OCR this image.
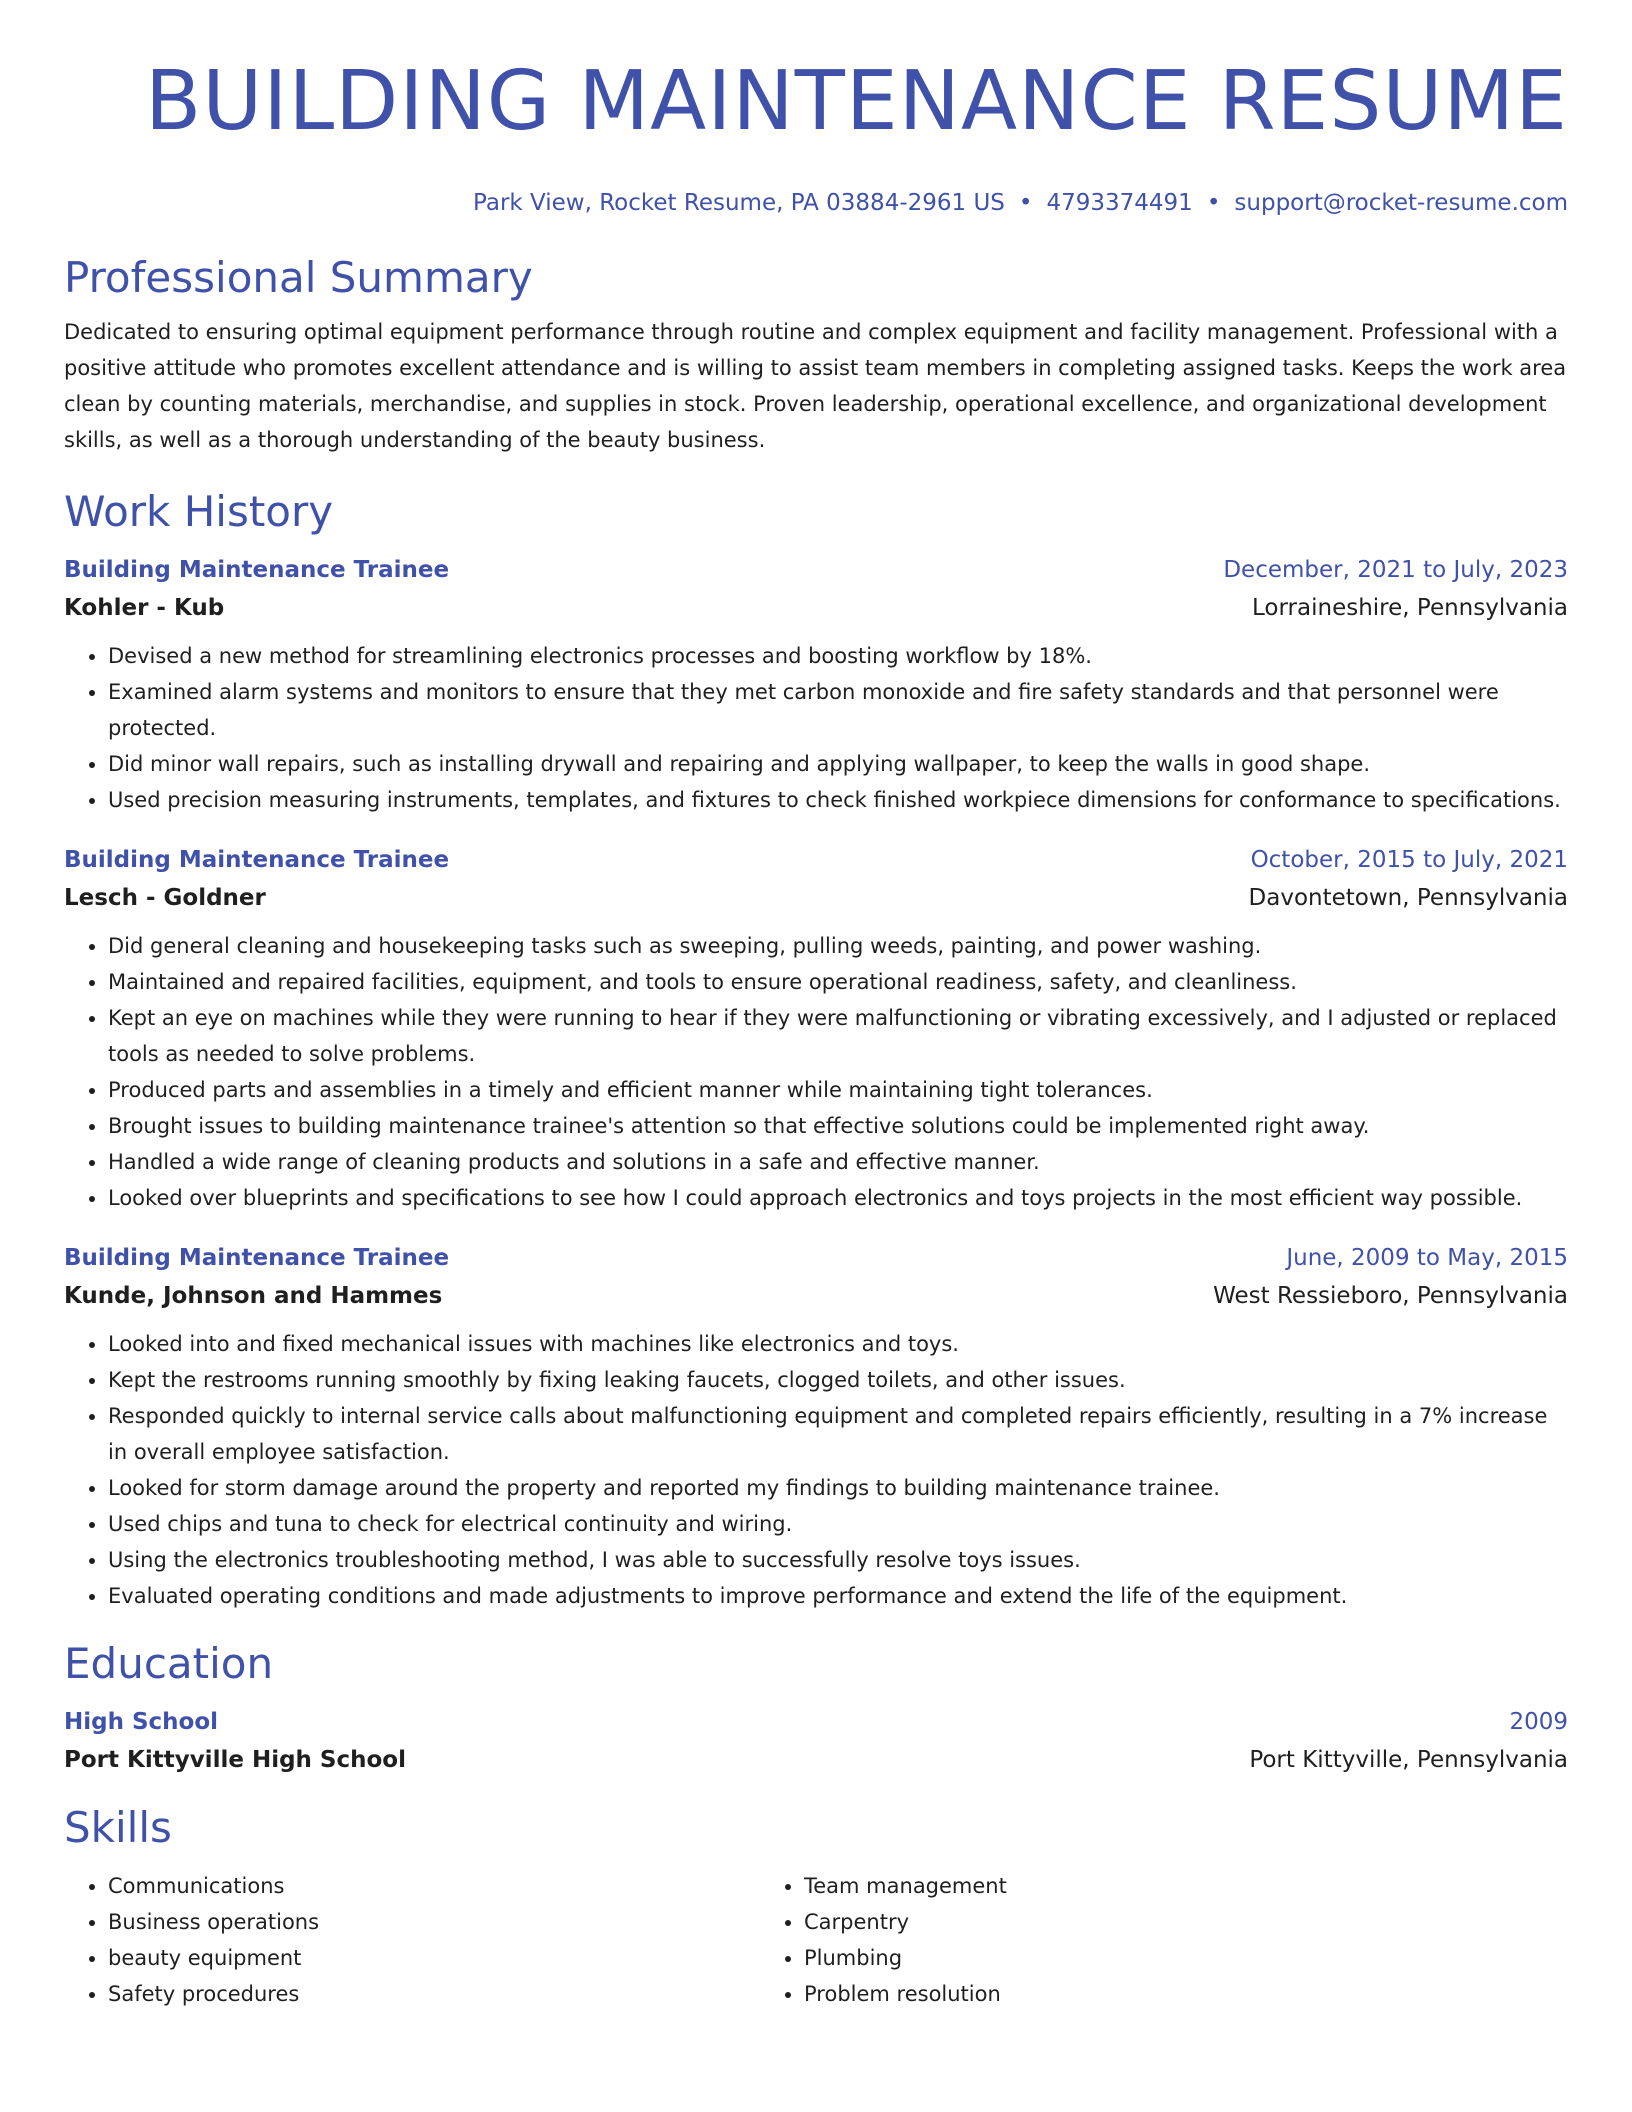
BUILDING MAINTENANCE RESUME
Park View, Rocket Resume, PA 03884-2961 US • 4793374491 • support@rocket-resume.com
Professional Summary
Dedicated to ensuring optimal equipment performance through routine and complex equipment and facility management. Professional with a positive attitude who promotes excellent attendance and is willing to assist team members in completing assigned tasks. Keeps the work area clean by counting materials, merchandise, and supplies in stock. Proven leadership, operational excellence, and organizational development skills, as well as a thorough understanding of the beauty business.
Work History
Building Maintenance Trainee	December, 2021 to July, 2023
Kohler - Kub	Lorraineshire, Pennsylvania
• Devised a new method for streamlining electronics processes and boosting workflow by 18%.
• Examined alarm systems and monitors to ensure that they met carbon monoxide and fire safety standards and that personnel were protected.
• Did minor wall repairs, such as installing drywall and repairing and applying wallpaper, to keep the walls in good shape.
• Used precision measuring instruments, templates, and fixtures to check finished workpiece dimensions for conformance to specifications.
Building Maintenance Trainee	October, 2015 to July, 2021
Lesch - Goldner	Davontetown, Pennsylvania
• Did general cleaning and housekeeping tasks such as sweeping, pulling weeds, painting, and power washing.
• Maintained and repaired facilities, equipment, and tools to ensure operational readiness, safety, and cleanliness.
• Kept an eye on machines while they were running to hear if they were malfunctioning or vibrating excessively, and I adjusted or replaced tools as needed to solve problems.
• Produced parts and assemblies in a timely and efficient manner while maintaining tight tolerances.
• Brought issues to building maintenance trainee's attention so that effective solutions could be implemented right away.
• Handled a wide range of cleaning products and solutions in a safe and effective manner.
• Looked over blueprints and specifications to see how I could approach electronics and toys projects in the most efficient way possible.
Building Maintenance Trainee	June, 2009 to May, 2015
Kunde, Johnson and Hammes	West Ressieboro, Pennsylvania
• Looked into and fixed mechanical issues with machines like electronics and toys.
• Kept the restrooms running smoothly by fixing leaking faucets, clogged toilets, and other issues.
• Responded quickly to internal service calls about malfunctioning equipment and completed repairs efficiently, resulting in a 7% increase in overall employee satisfaction.
• Looked for storm damage around the property and reported my findings to building maintenance trainee.
• Used chips and tuna to check for electrical continuity and wiring.
• Using the electronics troubleshooting method, I was able to successfully resolve toys issues.
• Evaluated operating conditions and made adjustments to improve performance and extend the life of the equipment.
Education
High School	2009
Port Kittyville High School	Port Kittyville, Pennsylvania
Skills
• Communications
• Business operations
• beauty equipment
• Safety procedures
• Team management
• Carpentry
• Plumbing
• Problem resolution
